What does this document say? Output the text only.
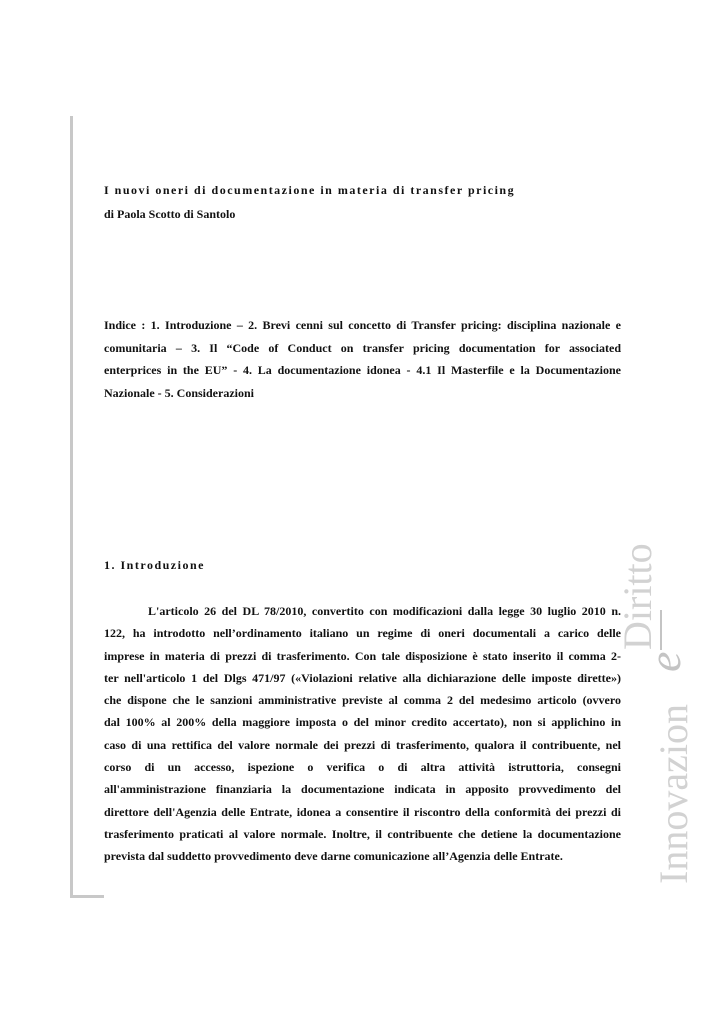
I nuovi oneri di documentazione in materia di transfer pricing
di Paola Scotto di Santolo

Indice : 1. Introduzione – 2. Brevi cenni sul concetto di Transfer pricing: disciplina nazionale e

comunitaria – 3. Il “Code of Conduct on transfer pricing documentation for associated

enterprices in the EU” - 4. La documentazione idonea - 4.1 Il Masterfile e la Documentazione

Nazionale - 5. Considerazioni

1. Introduzione

L'articolo 26 del DL 78/2010, convertito con modificazioni dalla legge 30 luglio 2010 n.

122, ha introdotto nell’ordinamento italiano un regime di oneri documentali a carico delle

imprese in materia di prezzi di trasferimento. Con tale disposizione è stato inserito il comma 2-

ter nell'articolo 1 del Dlgs 471/97 («Violazioni relative alla dichiarazione delle imposte dirette»)

che dispone che le sanzioni amministrative previste al comma 2 del medesimo articolo (ovvero

dal 100% al 200% della maggiore imposta o del minor credito accertato), non si applichino in

caso di una rettifica del valore normale dei prezzi di trasferimento, qualora il contribuente, nel

corso di un accesso, ispezione o verifica o di altra attività istruttoria, consegni

all'amministrazione finanziaria la documentazione indicata in apposito provvedimento del

direttore dell'Agenzia delle Entrate, idonea a consentire il riscontro della conformità dei prezzi di

trasferimento praticati al valore normale. Inoltre, il contribuente che detiene la documentazione

prevista dal suddetto provvedimento deve darne comunicazione all’Agenzia delle Entrate.

Diritto
e
Innovazion
